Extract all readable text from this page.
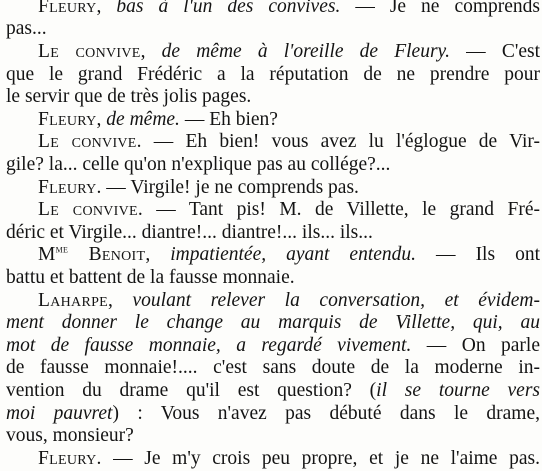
Fleury, bas à l'un des convives. — Je ne comprends
pas...
Le convive, de même à l'oreille de Fleury. — C'est
que le grand Frédéric a la réputation de ne prendre pour
le servir que de très jolis pages.
Fleury, de même. — Eh bien?
Le convive. — Eh bien! vous avez lu l'églogue de Vir-
gile? la... celle qu'on n'explique pas au collége?...
Fleury. — Virgile! je ne comprends pas.
Le convive. — Tant pis! M. de Villette, le grand Fré-
déric et Virgile... diantre!... diantre!... ils... ils...
$M^{me}$ Benoit, impatientée, ayant entendu. — Ils ont
battu et battent de la fausse monnaie.
Laharpe, voulant relever la conversation, et évidem-
ment donner le change au marquis de Villette, qui, au
mot de fausse monnaie, a regardé vivement. — On parle
de fausse monnaie!.... c'est sans doute de la moderne in-
vention du drame qu'il est question? (il se tourne vers
moi pauvret) : Vous n'avez pas débuté dans le drame,
vous, monsieur?
Fleury. — Je m'y crois peu propre, et je ne l'aime pas.
